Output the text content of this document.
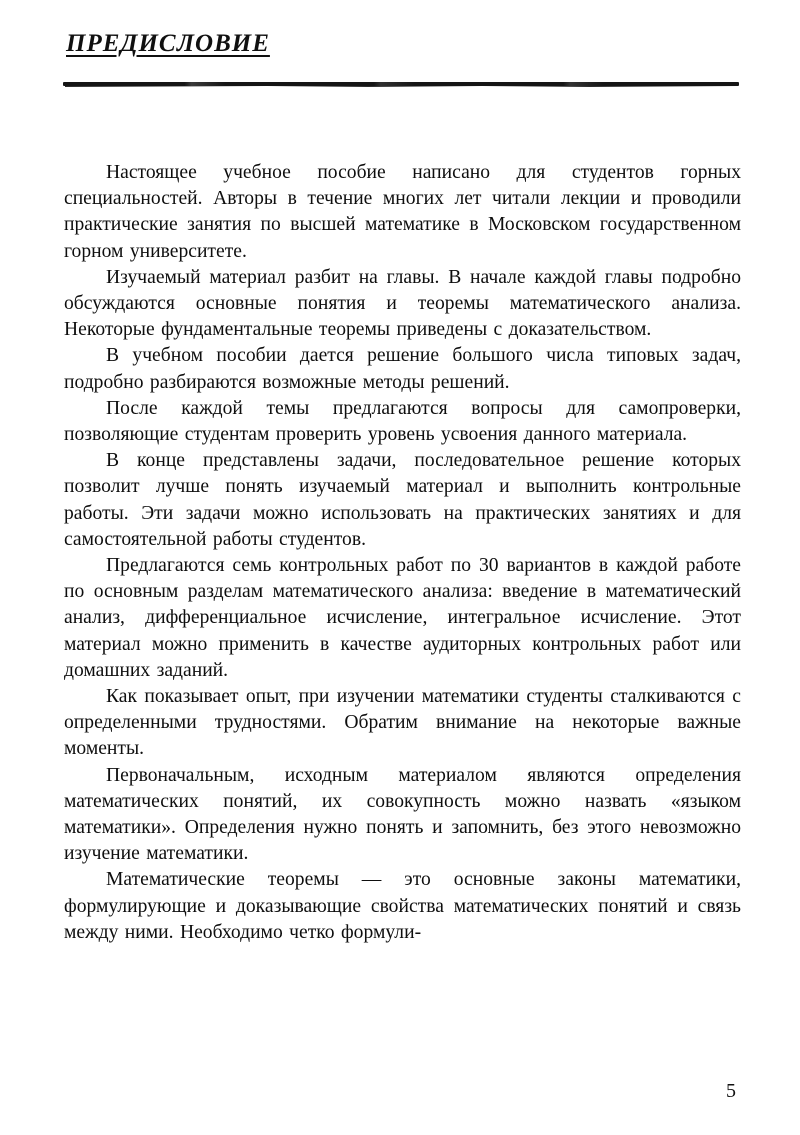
ПРЕДИСЛОВИЕ

Настоящее учебное пособие написано для студентов горных специальностей. Авторы в течение многих лет читали лекции и проводили практические занятия по высшей математике в Московском государственном горном университете.

Изучаемый материал разбит на главы. В начале каждой главы подробно обсуждаются основные понятия и теоремы математического анализа. Некоторые фундаментальные теоремы приведены с доказательством.

В учебном пособии дается решение большого числа типовых задач, подробно разбираются возможные методы решений.

После каждой темы предлагаются вопросы для самопроверки, позволяющие студентам проверить уровень усвоения данного материала.

В конце представлены задачи, последовательное решение которых позволит лучше понять изучаемый материал и выполнить контрольные работы. Эти задачи можно использовать на практических занятиях и для самостоятельной работы студентов.

Предлагаются семь контрольных работ по 30 вариантов в каждой работе по основным разделам математического анализа: введение в математический анализ, дифференциальное исчисление, интегральное исчисление. Этот материал можно применить в качестве аудиторных контрольных работ или домашних заданий.

Как показывает опыт, при изучении математики студенты сталкиваются с определенными трудностями. Обратим внимание на некоторые важные моменты.

Первоначальным, исходным материалом являются определения математических понятий, их совокупность можно назвать «языком математики». Определения нужно понять и запомнить, без этого невозможно изучение математики.

Математические теоремы — это основные законы математики, формулирующие и доказывающие свойства математических понятий и связь между ними. Необходимо четко формули-

5
